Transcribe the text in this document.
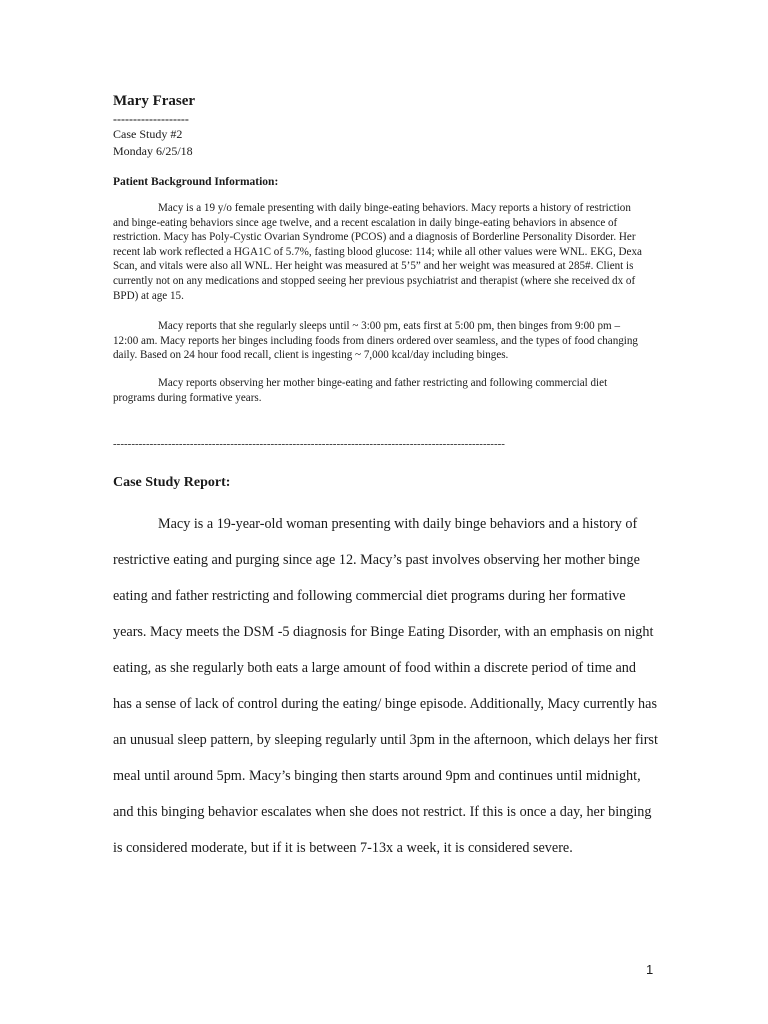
Mary Fraser
-------------------
Case Study #2
Monday 6/25/18
Patient Background Information:

Macy is a 19 y/o female presenting with daily binge-eating behaviors. Macy reports a history of restriction and binge-eating behaviors since age twelve, and a recent escalation in daily binge-eating behaviors in absence of restriction. Macy has Poly-Cystic Ovarian Syndrome (PCOS) and a diagnosis of Borderline Personality Disorder. Her recent lab work reflected a HGA1C of 5.7%, fasting blood glucose: 114; while all other values were WNL. EKG, Dexa Scan, and vitals were also all WNL. Her height was measured at 5’5” and her weight was measured at 285#. Client is currently not on any medications and stopped seeing her previous psychiatrist and therapist (where she received dx of BPD) at age 15.

Macy reports that she regularly sleeps until ~ 3:00 pm, eats first at 5:00 pm, then binges from 9:00 pm – 12:00 am. Macy reports her binges including foods from diners ordered over seamless, and the types of food changing daily. Based on 24 hour food recall, client is ingesting ~ 7,000 kcal/day including binges.

Macy reports observing her mother binge-eating and father restricting and following commercial diet programs during formative years.

-----------------------------------------------------------------------------------------------------------
Case Study Report:

Macy is a 19-year-old woman presenting with daily binge behaviors and a history of restrictive eating and purging since age 12. Macy’s past involves observing her mother binge eating and father restricting and following commercial diet programs during her formative years. Macy meets the DSM -5 diagnosis for Binge Eating Disorder, with an emphasis on night eating, as she regularly both eats a large amount of food within a discrete period of time and has a sense of lack of control during the eating/ binge episode. Additionally, Macy currently has an unusual sleep pattern, by sleeping regularly until 3pm in the afternoon, which delays her first meal until around 5pm. Macy’s binging then starts around 9pm and continues until midnight, and this binging behavior escalates when she does not restrict. If this is once a day, her binging is considered moderate, but if it is between 7-13x a week, it is considered severe.

1
